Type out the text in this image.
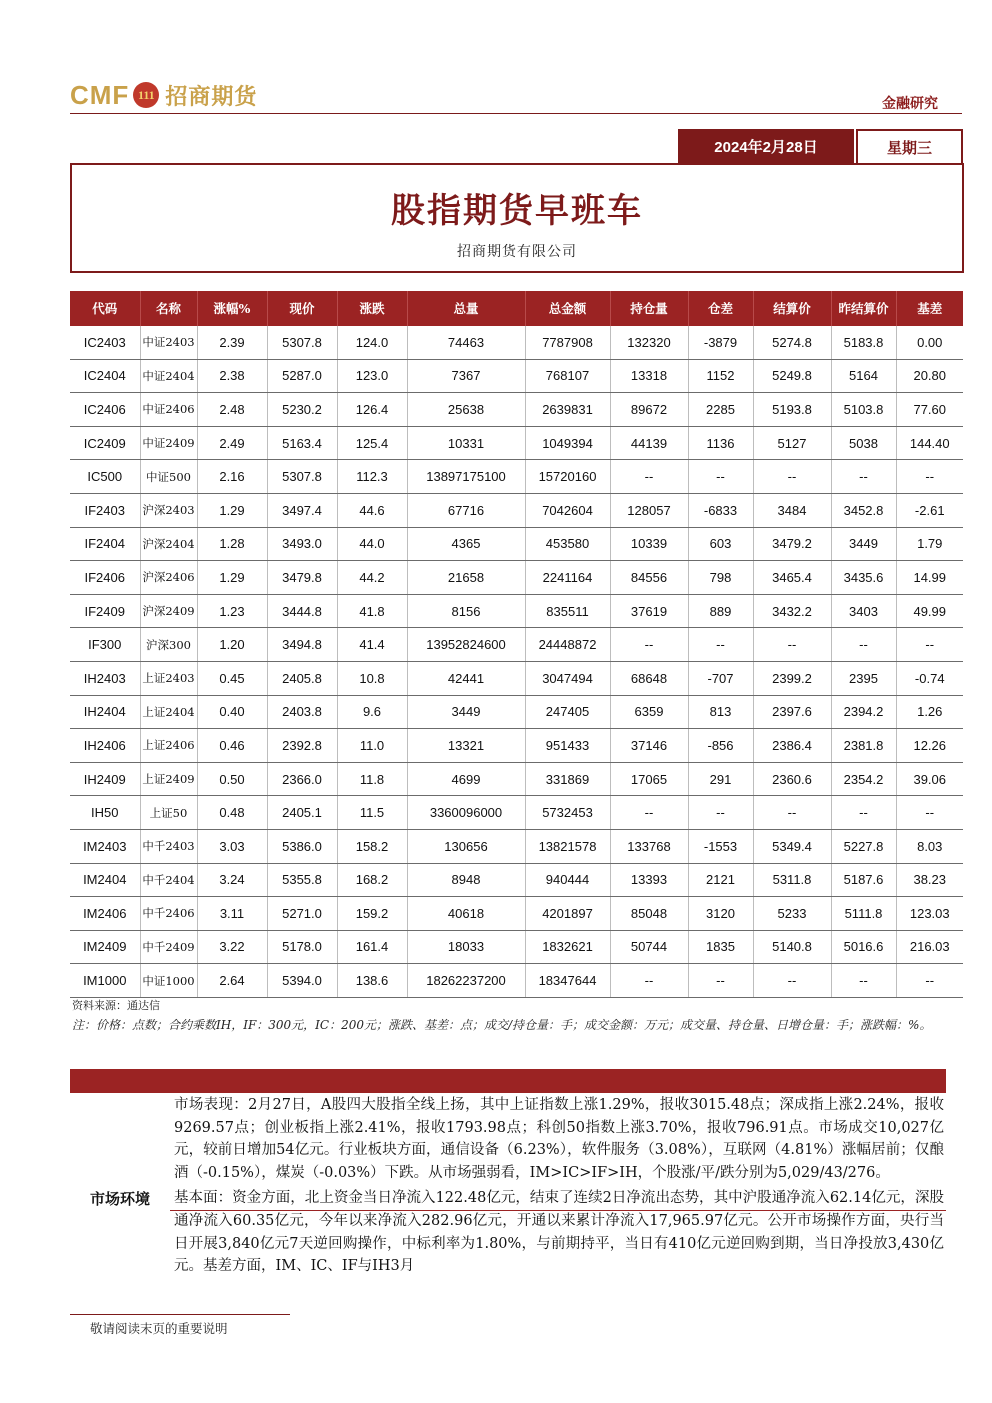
CMF 111 招商期货	金融研究
2024年2月28日	星期三
股指期货早班车
招商期货有限公司
代码	名称	涨幅%	现价	涨跌	总量	总金额	持仓量	仓差	结算价	昨结算价	基差
IC2403	中证2403	2.39	5307.8	124.0	74463	7787908	132320	-3879	5274.8	5183.8	0.00
IC2404	中证2404	2.38	5287.0	123.0	7367	768107	13318	1152	5249.8	5164	20.80
IC2406	中证2406	2.48	5230.2	126.4	25638	2639831	89672	2285	5193.8	5103.8	77.60
IC2409	中证2409	2.49	5163.4	125.4	10331	1049394	44139	1136	5127	5038	144.40
IC500	中证500	2.16	5307.8	112.3	13897175100	15720160	--	--	--	--	--
IF2403	沪深2403	1.29	3497.4	44.6	67716	7042604	128057	-6833	3484	3452.8	-2.61
IF2404	沪深2404	1.28	3493.0	44.0	4365	453580	10339	603	3479.2	3449	1.79
IF2406	沪深2406	1.29	3479.8	44.2	21658	2241164	84556	798	3465.4	3435.6	14.99
IF2409	沪深2409	1.23	3444.8	41.8	8156	835511	37619	889	3432.2	3403	49.99
IF300	沪深300	1.20	3494.8	41.4	13952824600	24448872	--	--	--	--	--
IH2403	上证2403	0.45	2405.8	10.8	42441	3047494	68648	-707	2399.2	2395	-0.74
IH2404	上证2404	0.40	2403.8	9.6	3449	247405	6359	813	2397.6	2394.2	1.26
IH2406	上证2406	0.46	2392.8	11.0	13321	951433	37146	-856	2386.4	2381.8	12.26
IH2409	上证2409	0.50	2366.0	11.8	4699	331869	17065	291	2360.6	2354.2	39.06
IH50	上证50	0.48	2405.1	11.5	3360096000	5732453	--	--	--	--	--
IM2403	中千2403	3.03	5386.0	158.2	130656	13821578	133768	-1553	5349.4	5227.8	8.03
IM2404	中千2404	3.24	5355.8	168.2	8948	940444	13393	2121	5311.8	5187.6	38.23
IM2406	中千2406	3.11	5271.0	159.2	40618	4201897	85048	3120	5233	5111.8	123.03
IM2409	中千2409	3.22	5178.0	161.4	18033	1832621	50744	1835	5140.8	5016.6	216.03
IM1000	中证1000	2.64	5394.0	138.6	18262237200	18347644	--	--	--	--	--
资料来源：通达信
注：价格：点数；合约乘数IH，IF：300元，IC：200元；涨跌、基差：点；成交/持仓量：手；成交金额：万元；成交量、持仓量、日增仓量：手；涨跌幅：%。
市场环境

市场表现：2月27日，A股四大股指全线上扬，其中上证指数上涨1.29%，报收3015.48点；深成指上涨2.24%，报收9269.57点；创业板指上涨2.41%，报收1793.98点；科创50指数上涨3.70%，报收796.91点。市场成交10,027亿元，较前日增加54亿元。行业板块方面，通信设备（6.23%），软件服务（3.08%），互联网（4.81%）涨幅居前；仅酿酒（-0.15%），煤炭（-0.03%）下跌。从市场强弱看，IM>IC>IF>IH，个股涨/平/跌分别为5,029/43/276。

基本面：资金方面，北上资金当日净流入122.48亿元，结束了连续2日净流出态势，其中沪股通净流入62.14亿元，深股通净流入60.35亿元，今年以来净流入282.96亿元，开通以来累计净流入17,965.97亿元。公开市场操作方面，央行当日开展3,840亿元7天逆回购操作，中标利率为1.80%，与前期持平，当日有410亿元逆回购到期，当日净投放3,430亿元。基差方面，IM、IC、IF与IH3月

敬请阅读末页的重要说明
